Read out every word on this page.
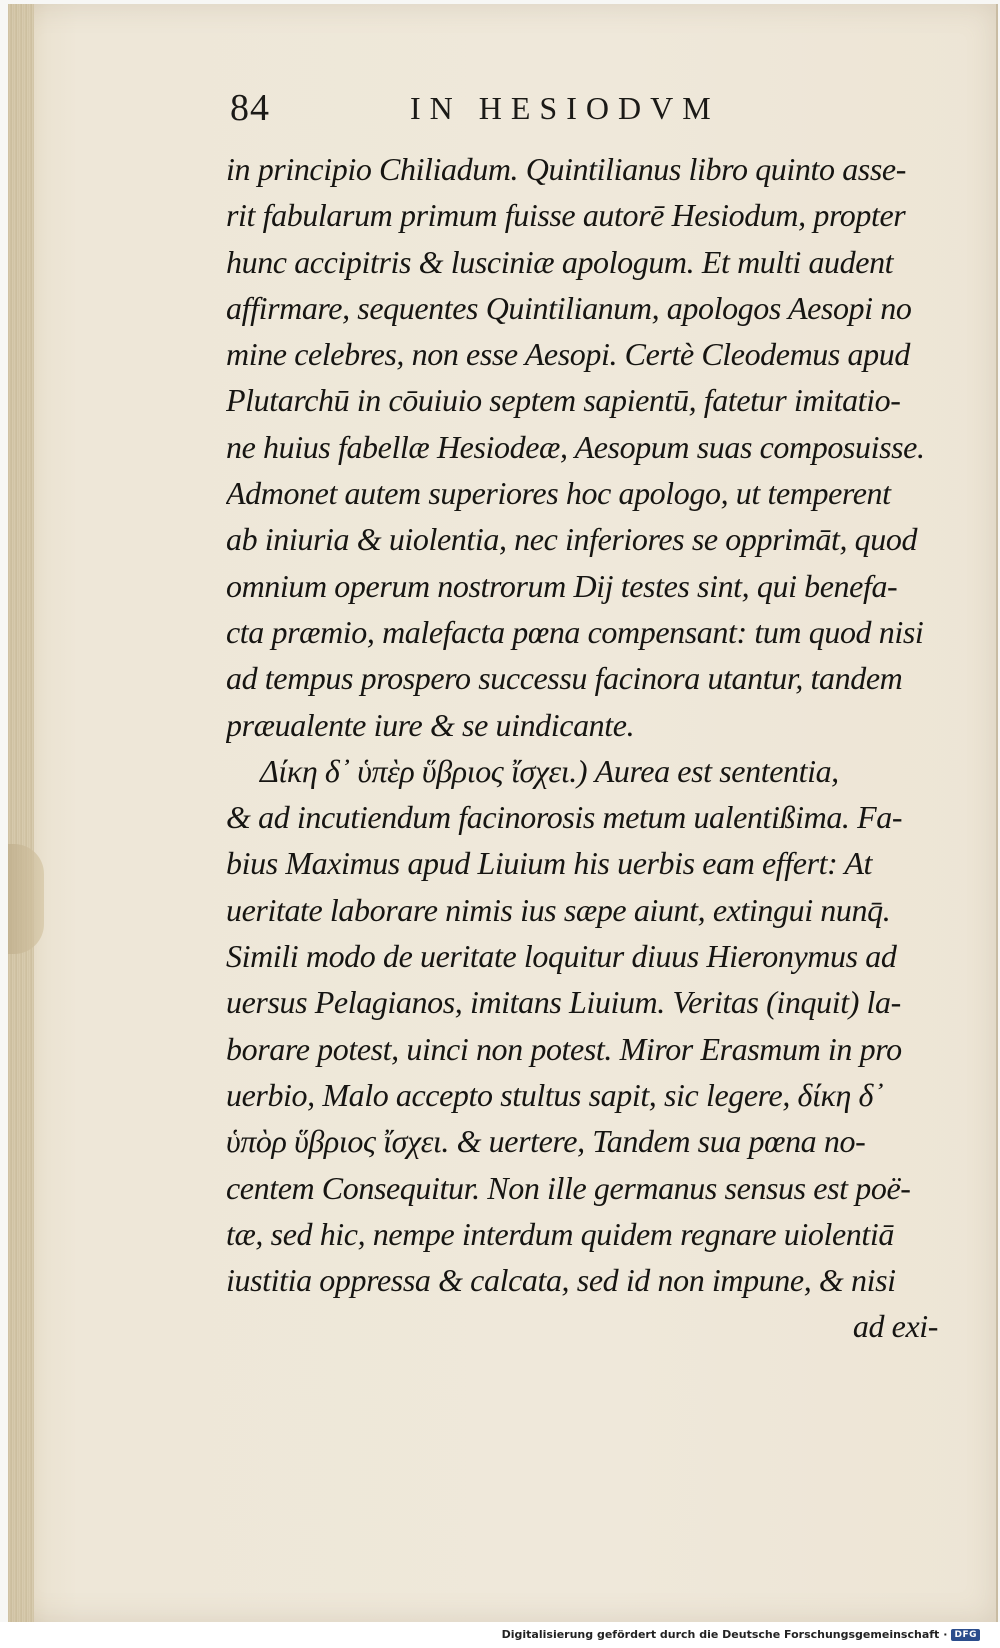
84	IN HESIODVM
in principio Chiliadum. Quintilianus libro quinto asse-
rit fabularum primum fuisse autorē Hesiodum, propter
hunc accipitris & lusciniæ apologum. Et multi audent
affirmare, sequentes Quintilianum, apologos Aesopi no
mine celebres, non esse Aesopi. Certè Cleodemus apud
Plutarchū in cōuiuio septem sapientū, fatetur imitatio-
ne huius fabellæ Hesiodeæ, Aesopum suas composuisse.
Admonet autem superiores hoc apologo, ut temperent
ab iniuria & uiolentia, nec inferiores se opprimāt, quod
omnium operum nostrorum Dij testes sint, qui benefa-
cta præmio, malefacta pœna compensant: tum quod nisi
ad tempus prospero successu facinora utantur, tandem
præualente iure & se uindicante.
Δίκη δ᾽ ὑπὲρ ὕβριος ἴσχει.) Aurea est sententia,
& ad incutiendum facinorosis metum ualentißima. Fa-
bius Maximus apud Liuium his uerbis eam effert: At
ueritate laborare nimis ius sæpe aiunt, extingui nunq̄.
Simili modo de ueritate loquitur diuus Hieronymus ad
uersus Pelagianos, imitans Liuium. Veritas (inquit) la-
borare potest, uinci non potest. Miror Erasmum in pro
uerbio, Malo accepto stultus sapit, sic legere, δίκη δ᾽
ὑπὸρ ὕβριος ἴσχει. & uertere, Tandem sua pœna no-
centem Consequitur. Non ille germanus sensus est poë-
tæ, sed hic, nempe interdum quidem regnare uiolentiā
iustitia oppressa & calcata, sed id non impune, & nisi
ad exi-
Digitalisierung gefördert durch die Deutsche Forschungsgemeinschaft · DFG
